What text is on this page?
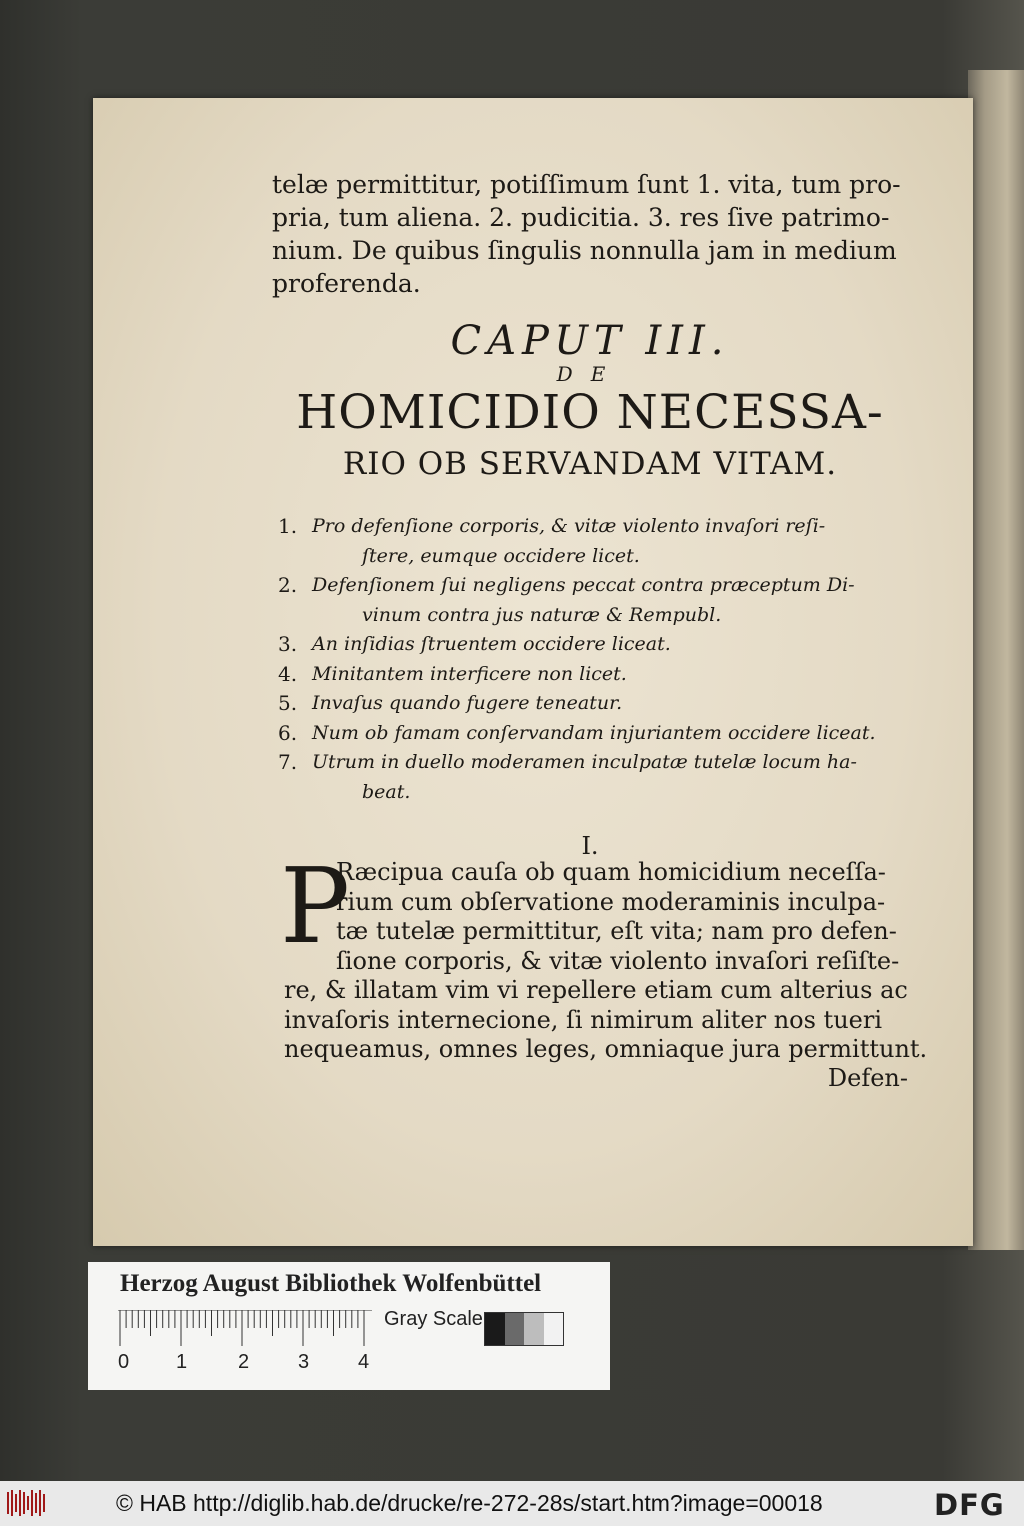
telæ permittitur, potiſſimum ſunt 1. vita, tum pro-
pria, tum aliena. 2. pudicitia. 3. res ſive patrimo-
nium. De quibus ſingulis nonnulla jam in medium
proferenda.
CAPUT III.
DE
HOMICIDIO NECESSA-
RIO OB SERVANDAM VITAM.
1. Pro defenſione corporis, & vitæ violento invaſori reſi-
ſtere, eumque occidere licet.
2. Defenſionem ſui negligens peccat contra præceptum Di-
vinum contra jus naturæ & Rempubl.
3. An inſidias ſtruentem occidere liceat.
4. Minitantem interficere non licet.
5. Invaſus quando fugere teneatur.
6. Num ob famam conſervandam injuriantem occidere liceat.
7. Utrum in duello moderamen inculpatæ tutelæ locum ha-
beat.
I.
P
Ræcipua cauſa ob quam homicidium neceſſa-
rium cum obſervatione moderaminis inculpa-
tæ tutelæ permittitur, eſt vita; nam pro defen-
ſione corporis, & vitæ violento invaſori reſiſte-
re, & illatam vim vi repellere etiam cum alterius ac
invaſoris internecione, ſi nimirum aliter nos tueri
nequeamus, omnes leges, omniaque jura permittunt.
Defen-
Herzog August Bibliothek Wolfenbüttel
0 1	2 3 4
Gray Scale
© HAB http://diglib.hab.de/drucke/re-272-28s/start.htm?image=00018	DFG
